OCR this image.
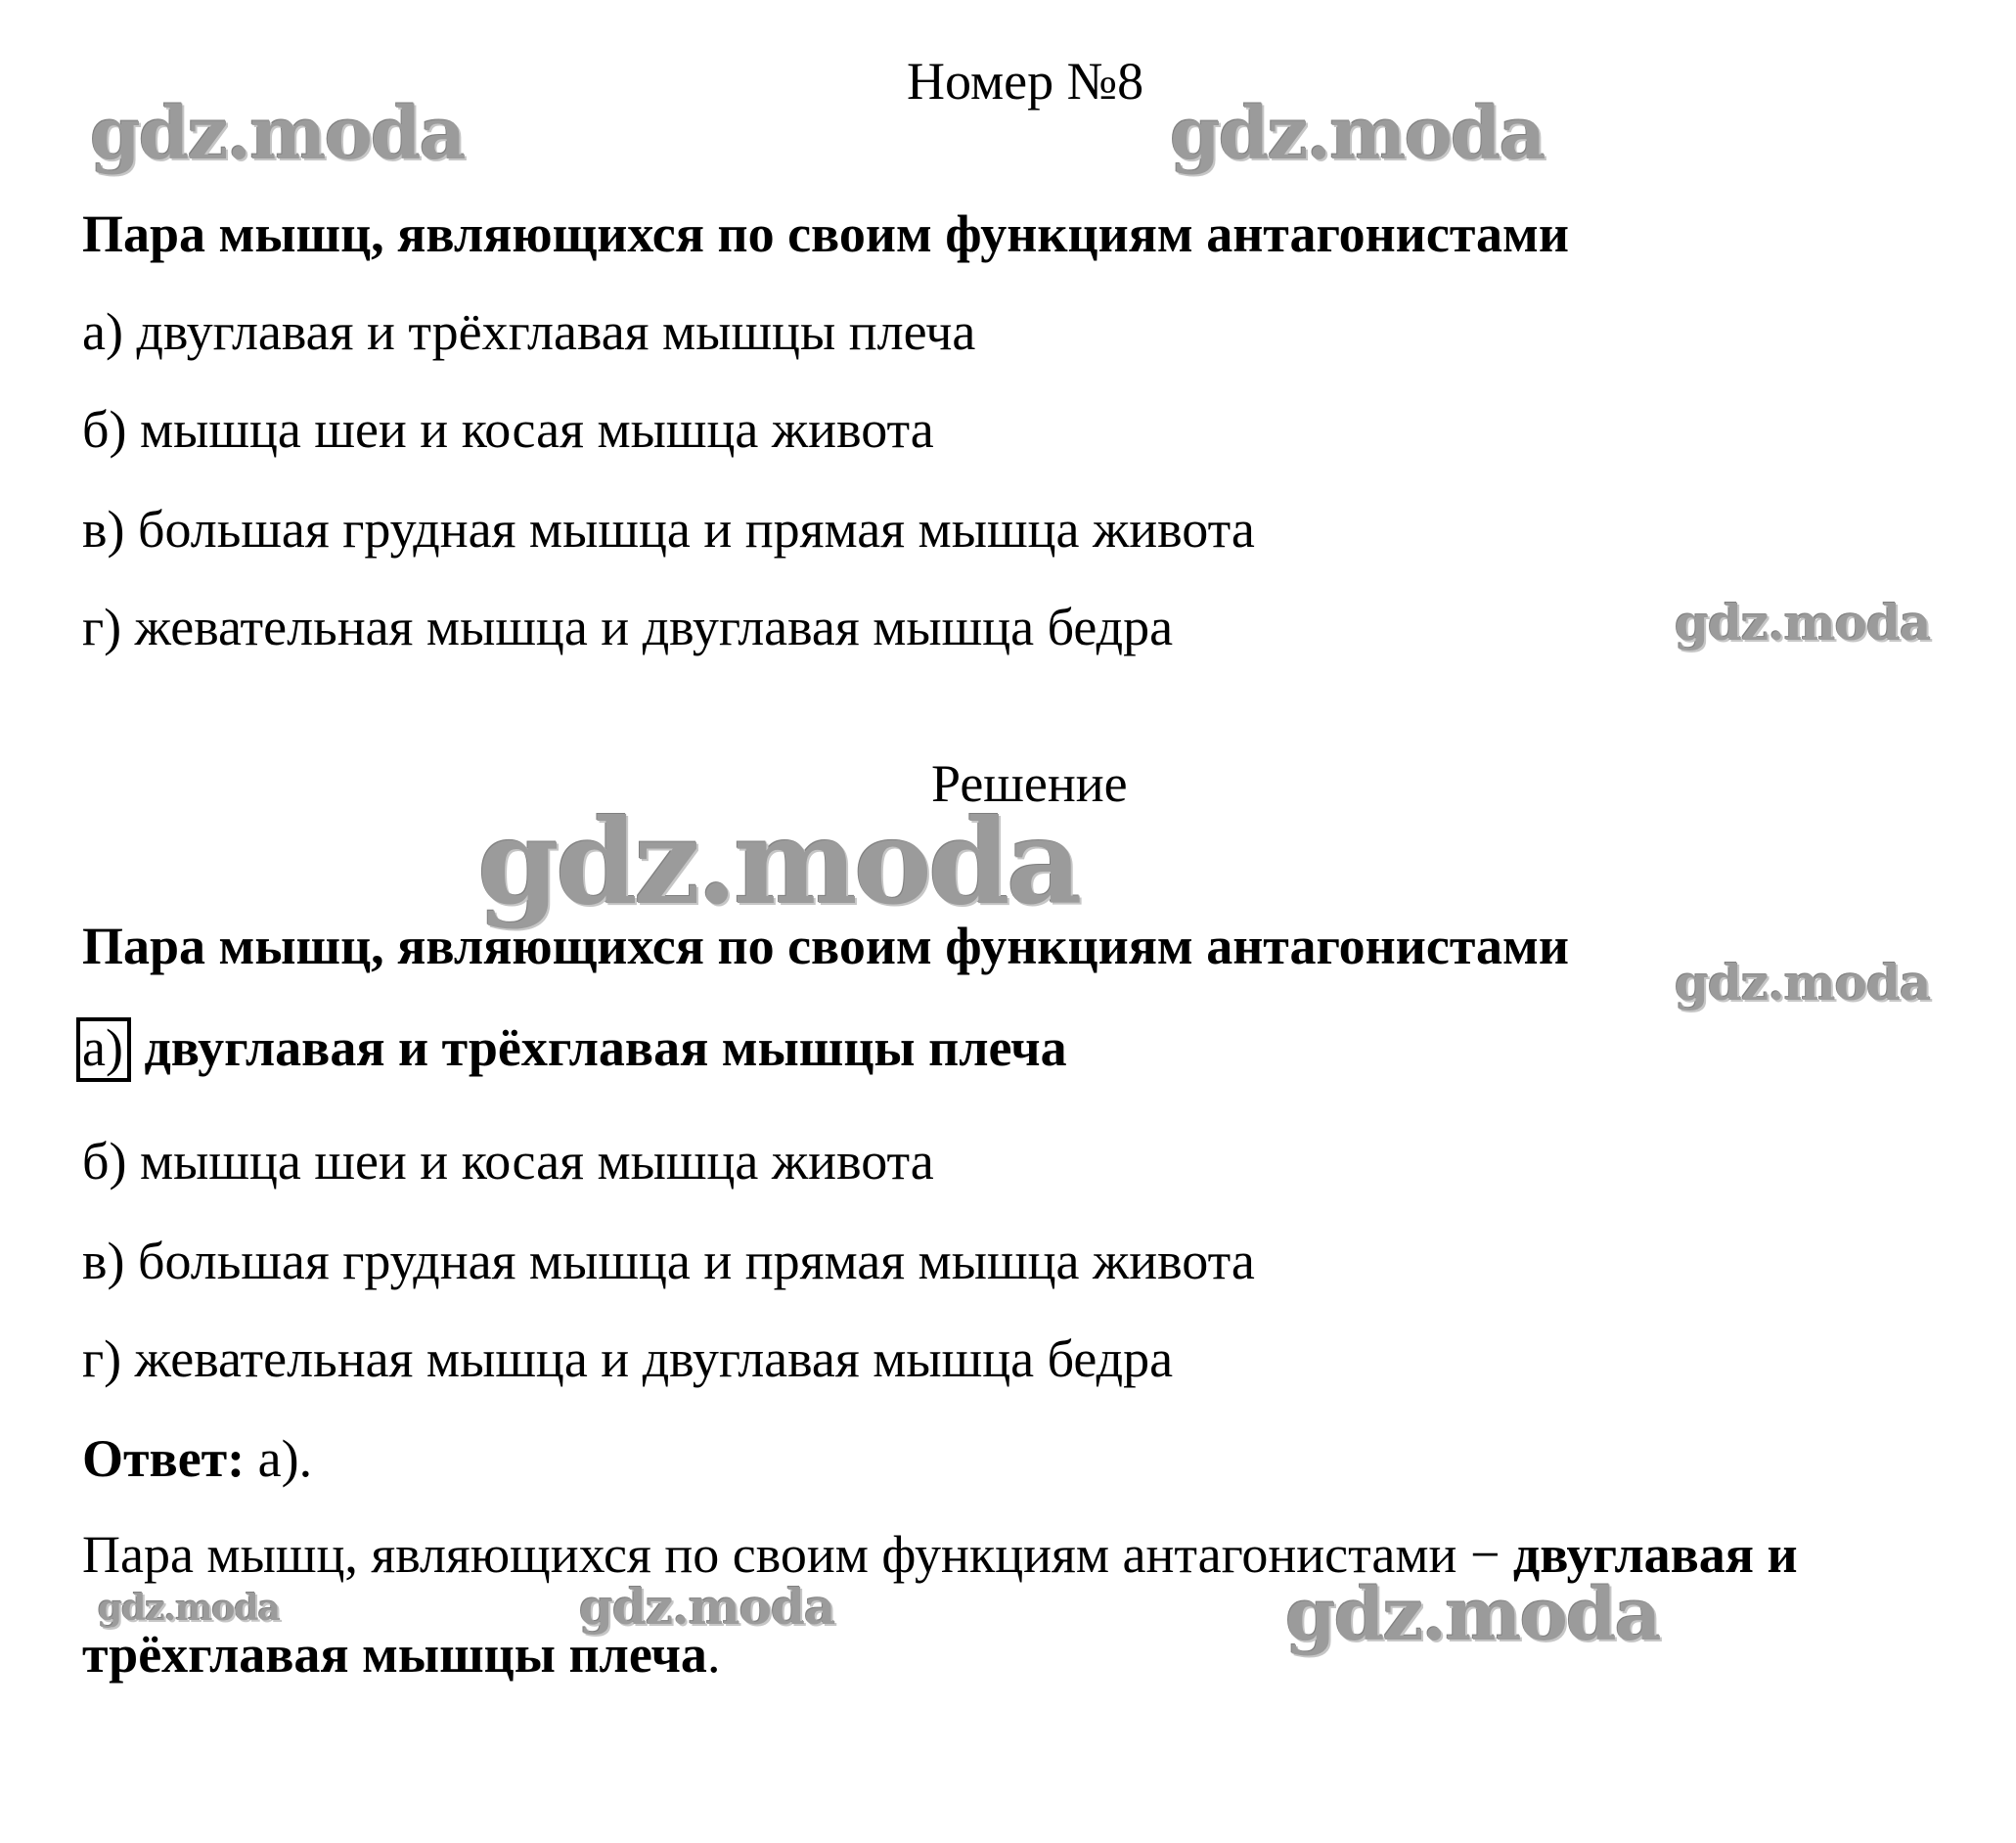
Номер №8
Пара мышц, являющихся по своим функциям антагонистами
а) двуглавая и трёхглавая мышцы плеча
б) мышца шеи и косая мышца живота
в) большая грудная мышца и прямая мышца живота
г) жевательная мышца и двуглавая мышца бедра
Решение
Пара мышц, являющихся по своим функциям антагонистами
а) двуглавая и трёхглавая мышцы плеча
б) мышца шеи и косая мышца живота
в) большая грудная мышца и прямая мышца живота
г) жевательная мышца и двуглавая мышца бедра
Ответ: а).
Пара мышц, являющихся по своим функциям антагонистами − двуглавая и
трёхглавая мышцы плеча.
gdz.moda	gdz.moda
gdz.moda
gdz.moda
gdz.moda
gdz.moda	gdz.moda	gdz.moda
